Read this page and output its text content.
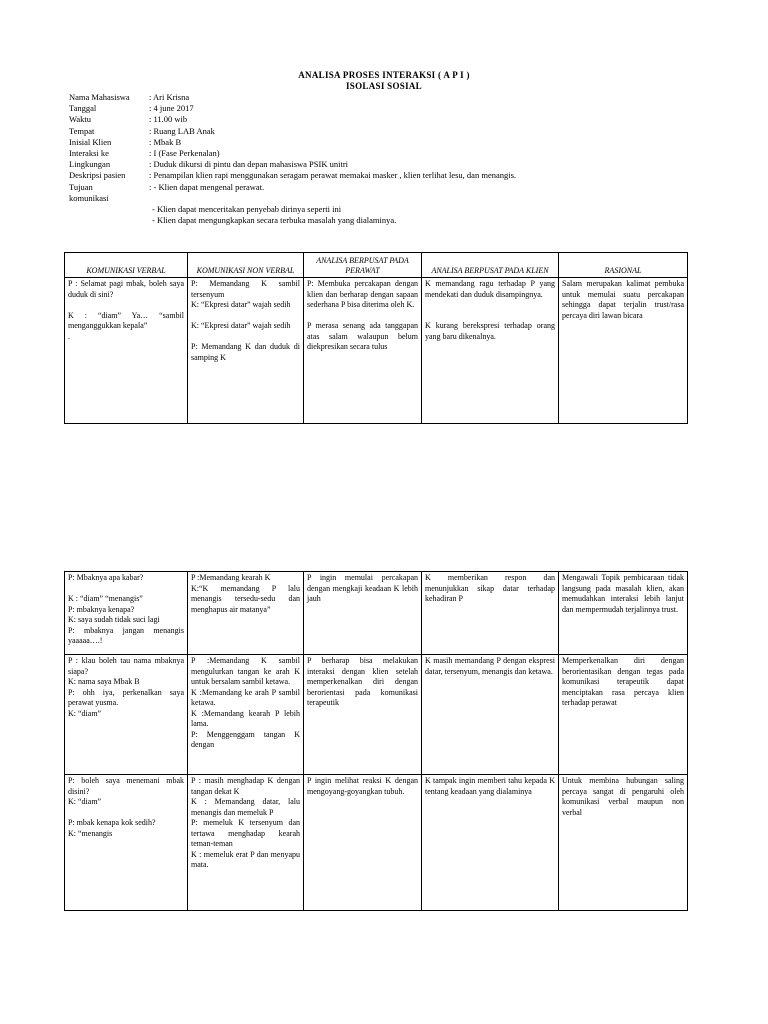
ANALISA PROSES INTERAKSI ( A P I )
ISOLASI SOSIAL
Nama Mahasiswa	: Ari Krisna
Tanggal	: 4 june 2017
Waktu	: 11.00 wib
Tempat	: Ruang LAB Anak
Inisial Klien	: Mbak B
Interaksi ke	: I (Fase Perkenalan)
Lingkungan	: Duduk dikursi di pintu dan depan mahasiswa PSIK unitri
Deskripsi pasien	: Penampilan klien rapi menggunakan seragam perawat memakai masker , klien terlihat lesu, dan menangis.
Tujuan	: - Klien dapat mengenal perawat.
komunikasi
- Klien dapat menceritakan penyebab dirinya seperti ini
- Klien dapat mengungkapkan secara terbuka masalah yang dialaminya.
KOMUNIKASI VERBAL	KOMUNIKASI NON VERBAL	ANALISA BERPUSAT PADA PERAWAT	ANALISA BERPUSAT PADA KLIEN	RASIONAL
P : Selamat pagi mbak, boleh saya duduk di sini?

K : “diam” Ya… “sambil menganggukkan kepala”
.	P: Memandang K sambil tersenyum
K: “Ekpresi datar” wajah sedih

K: “Ekpresi datar” wajah sedih

P: Memandang K dan duduk di samping K	P: Membuka percakapan dengan klien dan berharap dengan sapaan sederhana P bisa diterima oleh K.

P merasa senang ada tanggapan atas salam walaupun belum diekpresikan secara tulus	K memandang ragu terhadap P yang mendekati dan duduk disampingnya.

K kurang berekspresi terhadap orang yang baru dikenalnya.	Salam merupakan kalimat pembuka untuk memulai suatu percakapan sehingga dapat terjalin trust/rasa percaya diri lawan bicara
P: Mbaknya apa kabar?

K : “diam” “menangis”
P: mbaknya kenapa?
K: saya sudah tidak suci lagi
P: mbaknya jangan menangis yaaaaa….!	P :Memandang kearah K
K:“K memandang P lalu menangis tersedu-sedu dan menghapus air matanya”	P ingin memulai percakapan dengan mengkaji keadaan K lebih jauh	K memberikan respon dan menunjukkan sikap datar terhadap kehadiran P	Mengawali Topik pembicaraan tidak langsung pada masalah klien, akan memudahkan interaksi lebih lanjut dan mempermudah terjalinnya trust.
P : klau boleh tau nama mbaknya siapa?
K: nama saya Mbak B
P: ohh iya, perkenalkan saya perawat yusma.
K: “diam”	P :Memandang K sambil mengulurkan tangan ke arah K untuk bersalam sambil ketawa.
K :Memandang ke arah P sambil ketawa.
K :Memandang kearah P lebih lama.
P: Menggenggam tangan K dengan	P berharap bisa melakukan interaksi dengan klien setelah memperkenalkan diri dengan berorientasi pada komunikasi terapeutik	K masih memandang P dengan ekspresi datar, tersenyum, menangis dan ketawa.	Memperkenalkan diri dengan berorientasikan dengan tegas pada komunikasi terapeutik dapat menciptakan rasa percaya klien terhadap perawat
P: boleh saya menemani mbak disini?
K: “diam”

P: mbak kenapa kok sedih?
K: “menangis	P : masih menghadap K dengan tangan dekat K
K : Memandang datar, lalu menangis dan memeluk P
P: memeluk K tersenyum dan tertawa menghadap kearah teman-teman
K : memeluk erat P dan menyapu mata.	P ingin melihat reaksi K dengan mengoyang-goyangkan tubuh.	K tampak ingin memberi tahu kepada K tentang keadaan yang dialaminya	Untuk membina hubungan saling percaya sangat di pengaruhi oleh komunikasi verbal maupun non verbal
